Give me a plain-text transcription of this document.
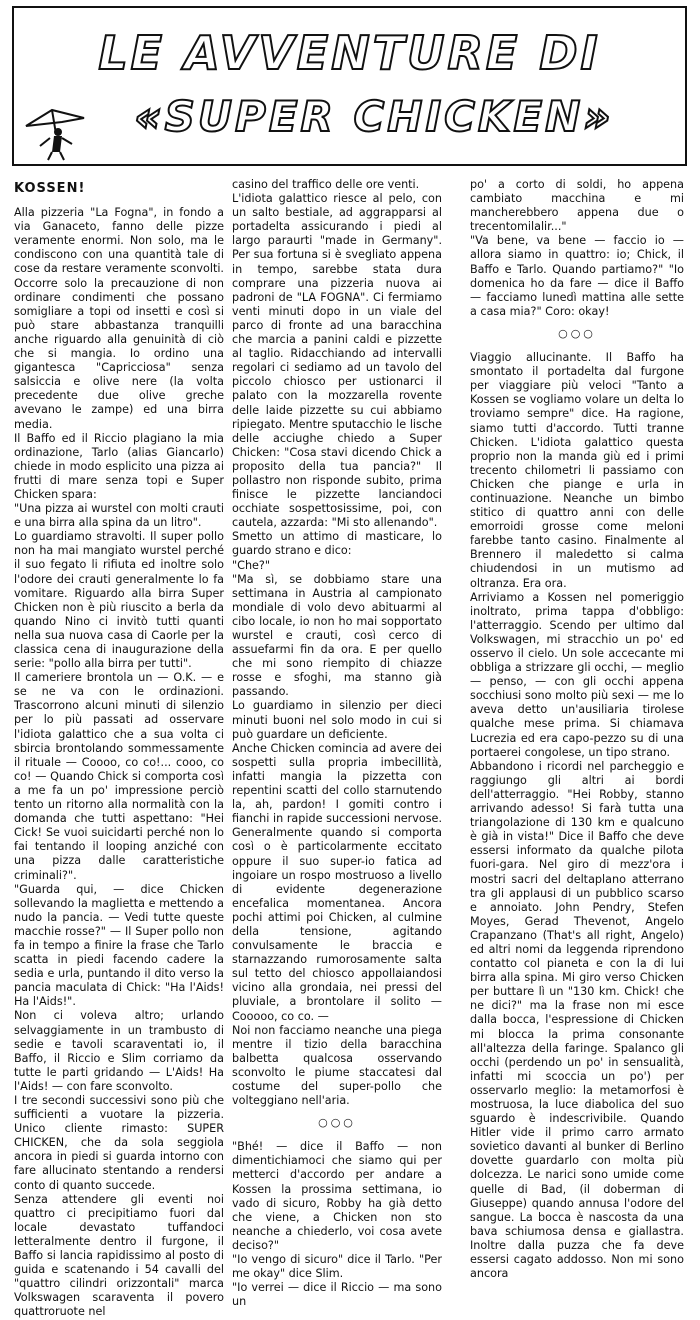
LE AVVENTURE DI
«SUPER CHICKEN»
KOSSEN!

Alla pizzeria "La Fogna", in fondo a via Ganaceto, fanno delle pizze veramente enormi. Non solo, ma le condiscono con una quantità tale di cose da restare veramente sconvolti. Occorre solo la precauzione di non ordinare condimenti che possano somigliare a topi od insetti e così si può stare abbastanza tranquilli anche riguardo alla genuinità di ciò che si mangia. Io ordino una gigantesca "Capricciosa" senza salsiccia e olive nere (la volta precedente due olive greche avevano le zampe) ed una birra media.

Il Baffo ed il Riccio plagiano la mia ordinazione, Tarlo (alias Giancarlo) chiede in modo esplicito una pizza ai frutti di mare senza topi e Super Chicken spara:

"Una pizza ai wurstel con molti crauti e una birra alla spina da un litro".

Lo guardiamo stravolti. Il super pollo non ha mai mangiato wurstel perché il suo fegato li rifiuta ed inoltre solo l'odore dei crauti generalmente lo fa vomitare. Riguardo alla birra Super Chicken non è più riuscito a berla da quando Nino ci invitò tutti quanti nella sua nuova casa di Caorle per la classica cena di inaugurazione della serie: "pollo alla birra per tutti".

Il cameriere brontola un — O.K. — e se ne va con le ordinazioni. Trascorrono alcuni minuti di silenzio per lo più passati ad osservare l'idiota galattico che a sua volta ci sbircia brontolando sommessamente il rituale — Coooo, co co!... cooo, co co! — Quando Chick si comporta così a me fa un po' impressione perciò tento un ritorno alla normalità con la domanda che tutti aspettano: "Hei Cick! Se vuoi suicidarti perché non lo fai tentando il looping anziché con una pizza dalle caratteristiche criminali?".

"Guarda qui, — dice Chicken sollevando la maglietta e mettendo a nudo la pancia. — Vedi tutte queste macchie rosse?" — Il Super pollo non fa in tempo a finire la frase che Tarlo scatta in piedi facendo cadere la sedia e urla, puntando il dito verso la pancia maculata di Chick: "Ha l'Aids! Ha l'Aids!".

Non ci voleva altro; urlando selvaggiamente in un trambusto di sedie e tavoli scaraventati io, il Baffo, il Riccio e Slim corriamo da tutte le parti gridando — L'Aids! Ha l'Aids! — con fare sconvolto.

I tre secondi successivi sono più che sufficienti a vuotare la pizzeria. Unico cliente rimasto: SUPER CHICKEN, che da sola seggiola ancora in piedi si guarda intorno con fare allucinato stentando a rendersi conto di quanto succede.

Senza attendere gli eventi noi quattro ci precipitiamo fuori dal locale devastato tuffandoci letteralmente dentro il furgone, il Baffo si lancia rapidissimo al posto di guida e scatenando i 54 cavalli del "quattro cilindri orizzontali" marca Volkswagen scaraventa il povero quattroruote nel

casino del traffico delle ore venti.

L'idiota galattico riesce al pelo, con un salto bestiale, ad aggrapparsi al portadelta assicurando i piedi al largo paraurti "made in Germany". Per sua fortuna si è svegliato appena in tempo, sarebbe stata dura comprare una pizzeria nuova ai padroni de "LA FOGNA". Ci fermiamo venti minuti dopo in un viale del parco di fronte ad una baracchina che marcia a panini caldi e pizzette al taglio. Ridacchiando ad intervalli regolari ci sediamo ad un tavolo del piccolo chiosco per ustionarci il palato con la mozzarella rovente delle laide pizzette su cui abbiamo ripiegato. Mentre sputacchio le lische delle acciughe chiedo a Super Chicken: "Cosa stavi dicendo Chick a proposito della tua pancia?" Il pollastro non risponde subito, prima finisce le pizzette lanciandoci occhiate sospettosissime, poi, con cautela, azzarda: "Mi sto allenando".

Smetto un attimo di masticare, lo guardo strano e dico:

"Che?"

"Ma sì, se dobbiamo stare una settimana in Austria al campionato mondiale di volo devo abituarmi al cibo locale, io non ho mai sopportato wurstel e crauti, così cerco di assuefarmi fin da ora. E per quello che mi sono riempito di chiazze rosse e sfoghi, ma stanno già passando.

Lo guardiamo in silenzio per dieci minuti buoni nel solo modo in cui si può guardare un deficiente.

Anche Chicken comincia ad avere dei sospetti sulla propria imbecillità, infatti mangia la pizzetta con repentini scatti del collo starnutendo la, ah, pardon! I gomiti contro i fianchi in rapide successioni nervose. Generalmente quando si comporta così o è particolarmente eccitato oppure il suo super-io fatica ad ingoiare un rospo mostruoso a livello di evidente degenerazione encefalica momentanea. Ancora pochi attimi poi Chicken, al culmine della tensione, agitando convulsamente le braccia e starnazzando rumorosamente salta sul tetto del chiosco appollaiandosi vicino alla grondaia, nei pressi del pluviale, a brontolare il solito — Cooooo, co co. —

Noi non facciamo neanche una piega mentre il tizio della baracchina balbetta qualcosa osservando sconvolto le piume staccatesi dal costume del super-pollo che volteggiano nell'aria.

○○○

"Bhé! — dice il Baffo — non dimentichiamoci che siamo qui per metterci d'accordo per andare a Kossen la prossima settimana, io vado di sicuro, Robby ha già detto che viene, a Chicken non sto neanche a chiederlo, voi cosa avete deciso?"

"Io vengo di sicuro" dice il Tarlo. "Per me okay" dice Slim.

"Io verrei — dice il Riccio — ma sono un

po' a corto di soldi, ho appena cambiato macchina e mi mancherebbero appena due o trecentomilalir..."

"Va bene, va bene — faccio io — allora siamo in quattro: io; Chick, il Baffo e Tarlo. Quando partiamo?" "Io domenica ho da fare — dice il Baffo — facciamo lunedì mattina alle sette a casa mia?" Coro: okay!

○○○

Viaggio allucinante. Il Baffo ha smontato il portadelta dal furgone per viaggiare più veloci "Tanto a Kossen se vogliamo volare un delta lo troviamo sempre" dice. Ha ragione, siamo tutti d'accordo. Tutti tranne Chicken. L'idiota galattico questa proprio non la manda giù ed i primi trecento chilometri li passiamo con Chicken che piange e urla in continuazione. Neanche un bimbo stitico di quattro anni con delle emorroidi grosse come meloni farebbe tanto casino. Finalmente al Brennero il maledetto si calma chiudendosi in un mutismo ad oltranza. Era ora.

Arriviamo a Kossen nel pomeriggio inoltrato, prima tappa d'obbligo: l'atterraggio. Scendo per ultimo dal Volkswagen, mi stracchio un po' ed osservo il cielo. Un sole accecante mi obbliga a strizzare gli occhi, — meglio — penso, — con gli occhi appena socchiusi sono molto più sexi — me lo aveva detto un'ausiliaria tirolese qualche mese prima. Si chiamava Lucrezia ed era capo-pezzo su di una portaerei congolese, un tipo strano.

Abbandono i ricordi nel parcheggio e raggiungo gli altri ai bordi dell'atterraggio. "Hei Robby, stanno arrivando adesso! Si farà tutta una triangolazione di 130 km e qualcuno è già in vista!" Dice il Baffo che deve essersi informato da qualche pilota fuori-gara. Nel giro di mezz'ora i mostri sacri del deltaplano atterrano tra gli applausi di un pubblico scarso e annoiato. John Pendry, Stefen Moyes, Gerad Thevenot, Angelo Crapanzano (That's all right, Angelo) ed altri nomi da leggenda riprendono contatto col pianeta e con la di lui birra alla spina. Mi giro verso Chicken per buttare lì un "130 km. Chick! che ne dici?" ma la frase non mi esce dalla bocca, l'espressione di Chicken mi blocca la prima consonante all'altezza della faringe. Spalanco gli occhi (perdendo un po' in sensualità, infatti mi scoccia un po') per osservarlo meglio: la metamorfosi è mostruosa, la luce diabolica del suo sguardo è indescrivibile. Quando Hitler vide il primo carro armato sovietico davanti al bunker di Berlino dovette guardarlo con molta più dolcezza. Le narici sono umide come quelle di Bad, (il doberman di Giuseppe) quando annusa l'odore del sangue. La bocca è nascosta da una bava schiumosa densa e giallastra. Inoltre dalla puzza che fa deve essersi cagato addosso. Non mi sono ancora
